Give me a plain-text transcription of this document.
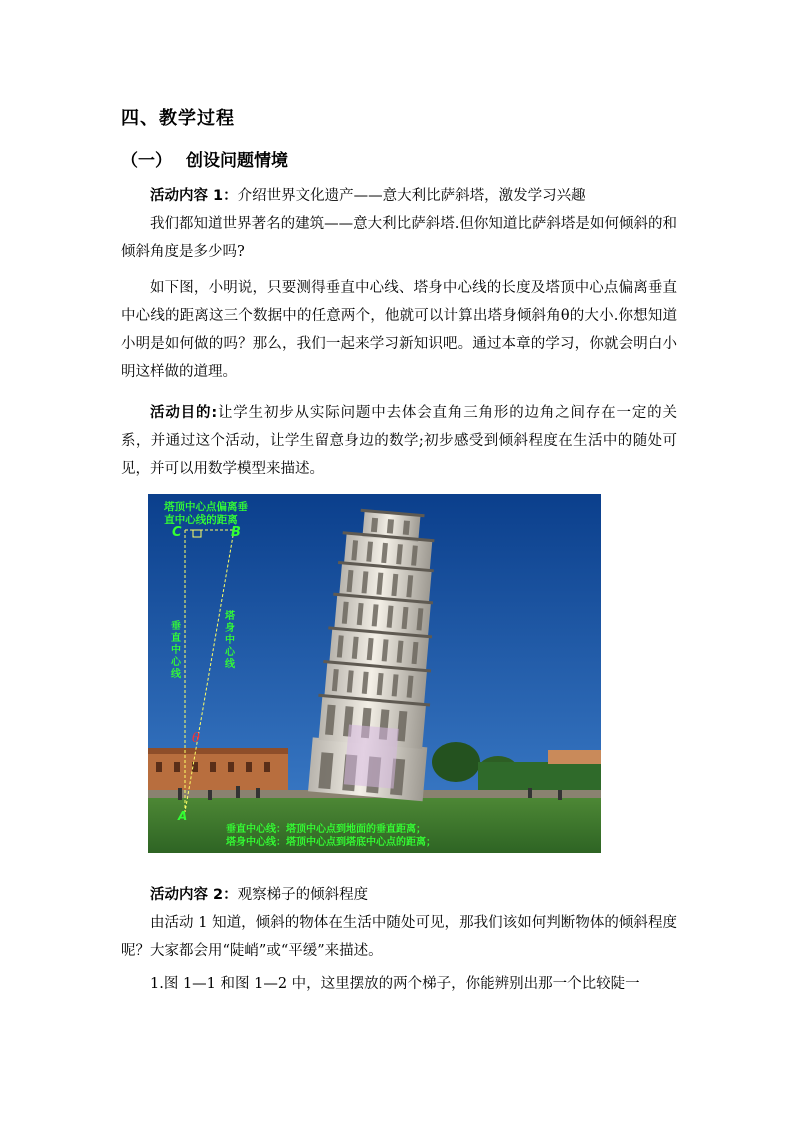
四、教学过程
（一） 创设问题情境
活动内容 1：介绍世界文化遗产——意大利比萨斜塔，激发学习兴趣
我们都知道世界著名的建筑——意大利比萨斜塔.但你知道比萨斜塔是如何倾斜的和倾斜角度是多少吗?
如下图，小明说，只要测得垂直中心线、塔身中心线的长度及塔顶中心点偏离垂直中心线的距离这三个数据中的任意两个，他就可以计算出塔身倾斜角θ的大小.你想知道小明是如何做的吗？那么，我们一起来学习新知识吧。通过本章的学习，你就会明白小明这样做的道理。
活动目的:让学生初步从实际问题中去体会直角三角形的边角之间存在一定的关系，并通过这个活动，让学生留意身边的数学;初步感受到倾斜程度在生活中的随处可见，并可以用数学模型来描述。
塔顶中心点偏离垂
直中心线的距离
C	B
A
垂直中心线	塔身中心线
垂直中心线：塔顶中心点到地面的垂直距离；
塔身中心线：塔顶中心点到塔底中心点的距离；
θ
活动内容 2：观察梯子的倾斜程度
由活动 1 知道，倾斜的物体在生活中随处可见，那我们该如何判断物体的倾斜程度呢？大家都会用“陡峭”或“平缓”来描述。
1.图 1—1 和图 1—2 中，这里摆放的两个梯子，你能辨别出那一个比较陡一
